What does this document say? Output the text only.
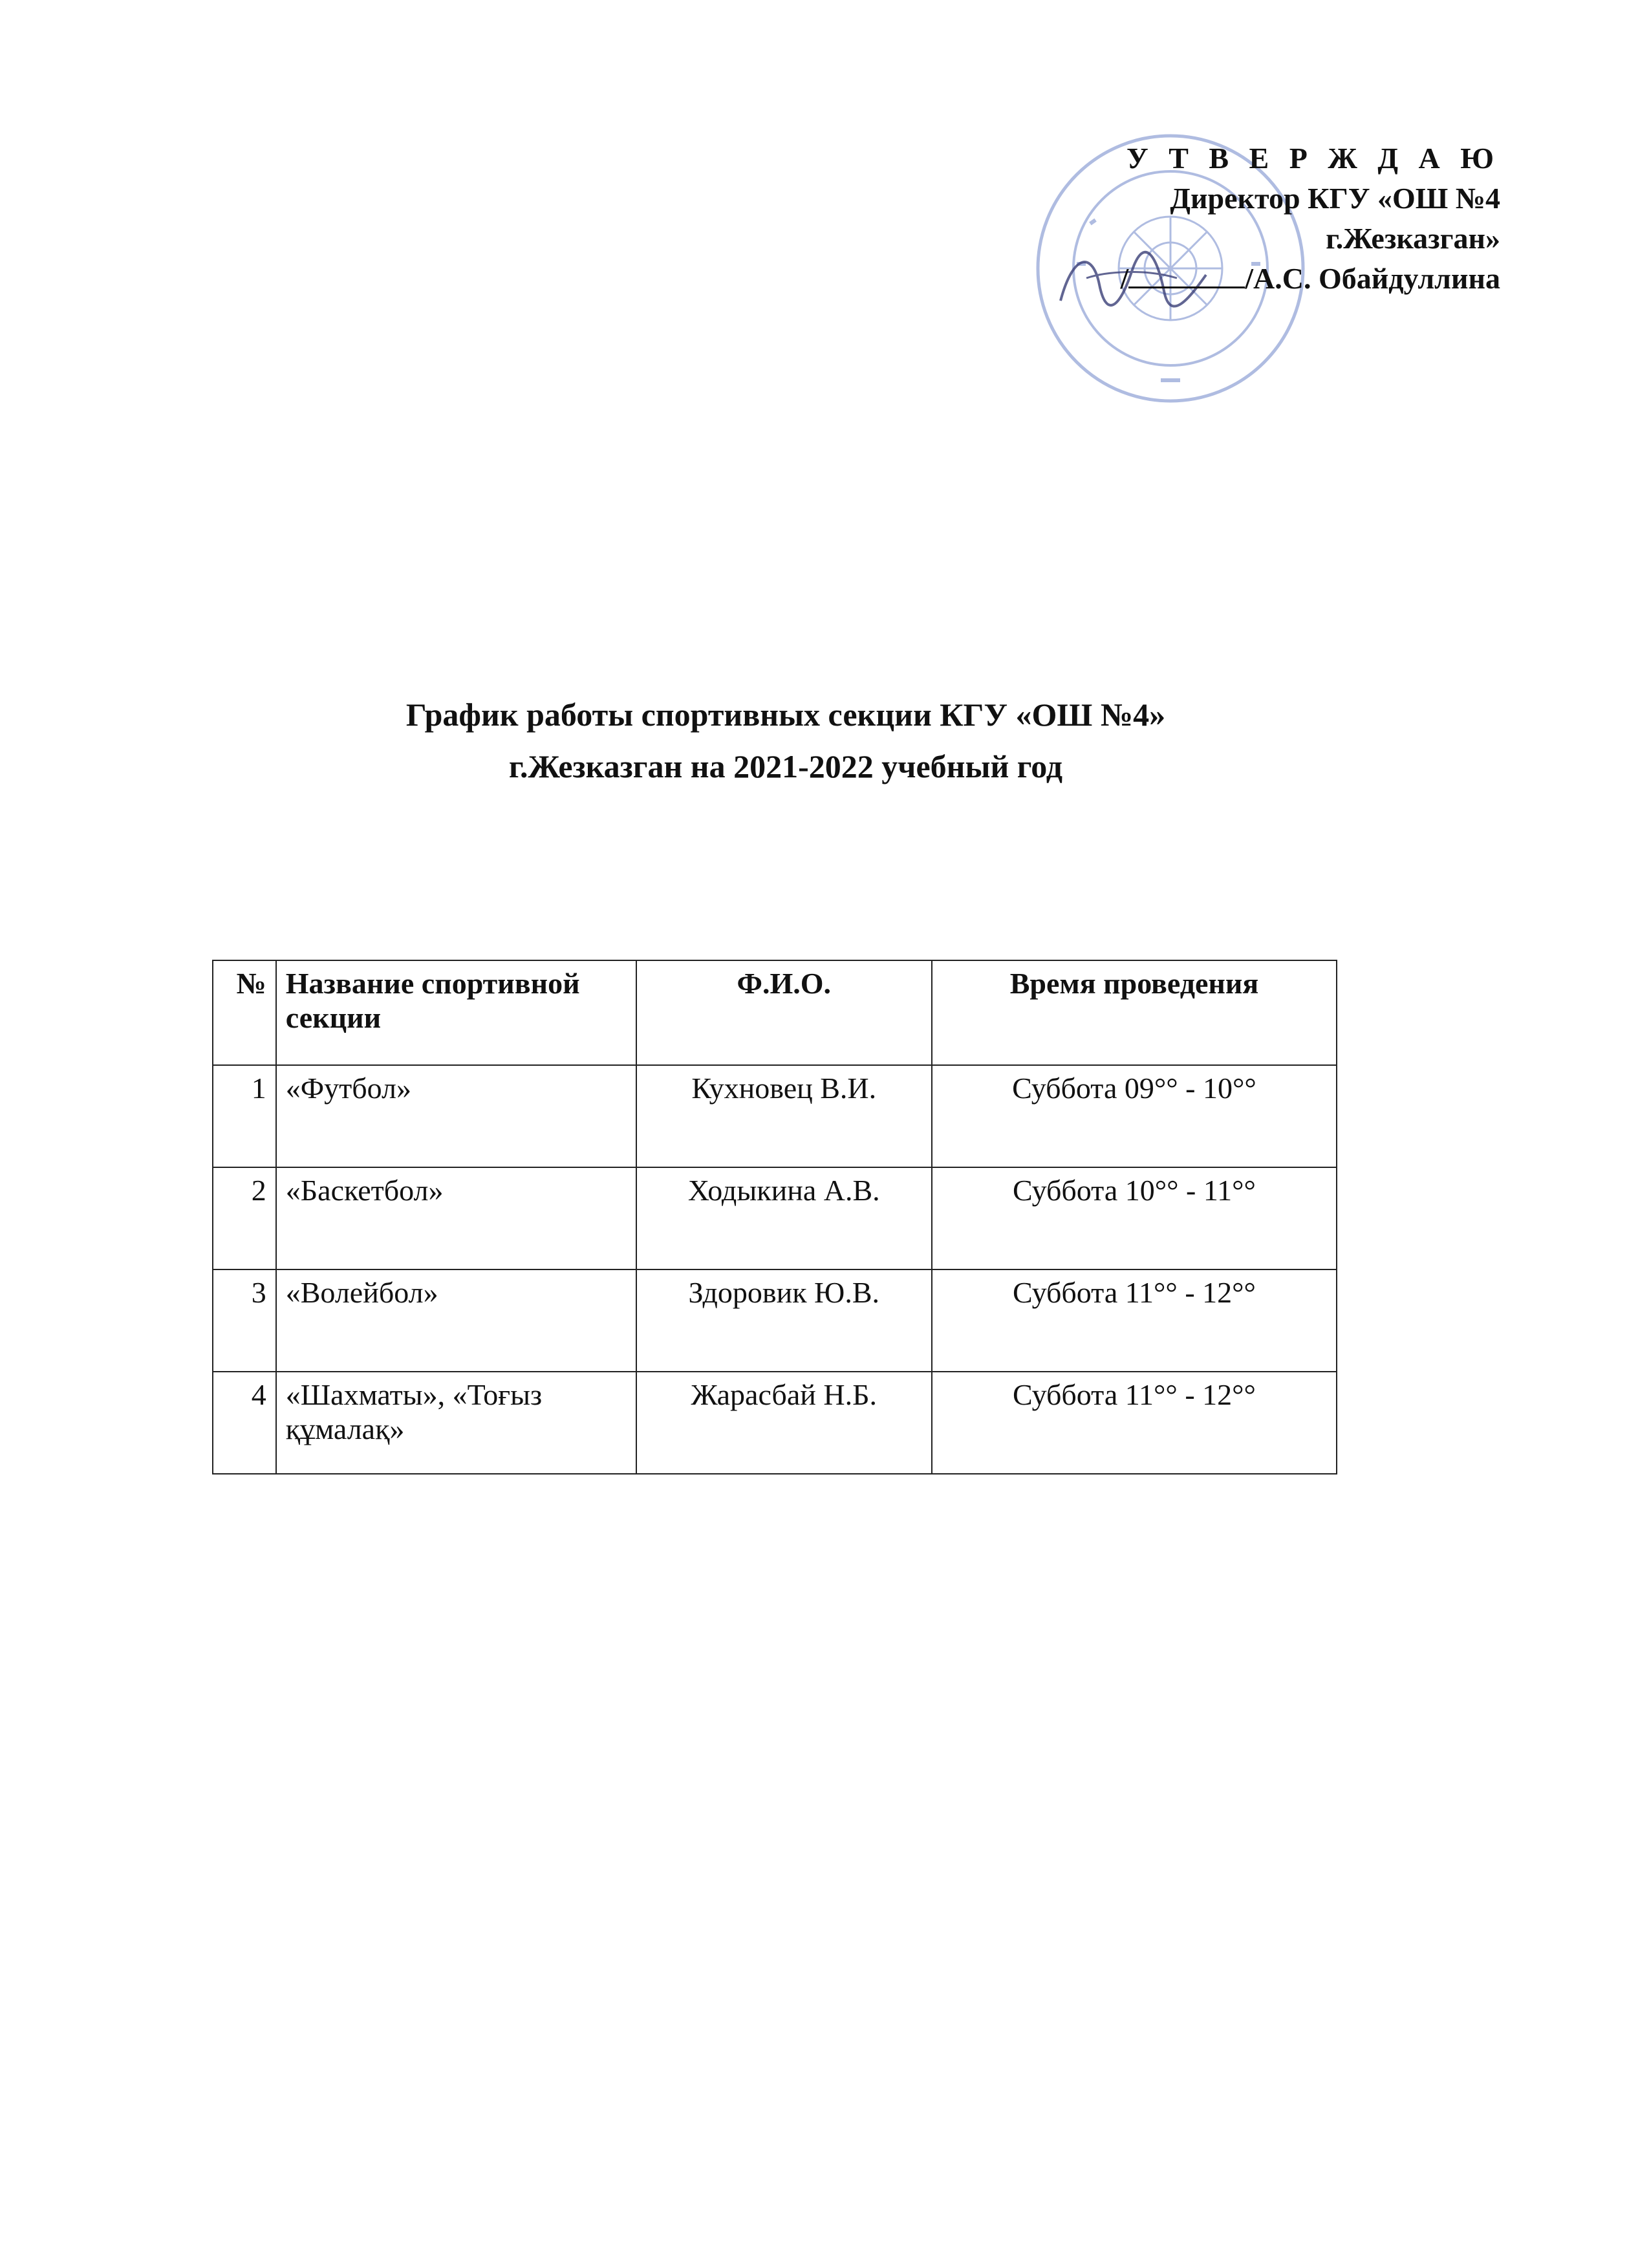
У Т В Е Р Ж Д А Ю
Директор КГУ «ОШ №4
г.Жезказган»
/	/А.С. Обайдуллина
График работы спортивных секции КГУ «ОШ №4»
г.Жезказган на 2021-2022 учебный год
№	Название спортивной секции	Ф.И.О.	Время проведения
1	«Футбол»	Кухновец В.И.	Суббота 09°° - 10°°
2	«Баскетбол»	Ходыкина А.В.	Суббота 10°° - 11°°
3	«Волейбол»	Здоровик Ю.В.	Суббота 11°° - 12°°
4	«Шахматы», «Тоғыз құмалақ»	Жарасбай Н.Б.	Суббота 11°° - 12°°
